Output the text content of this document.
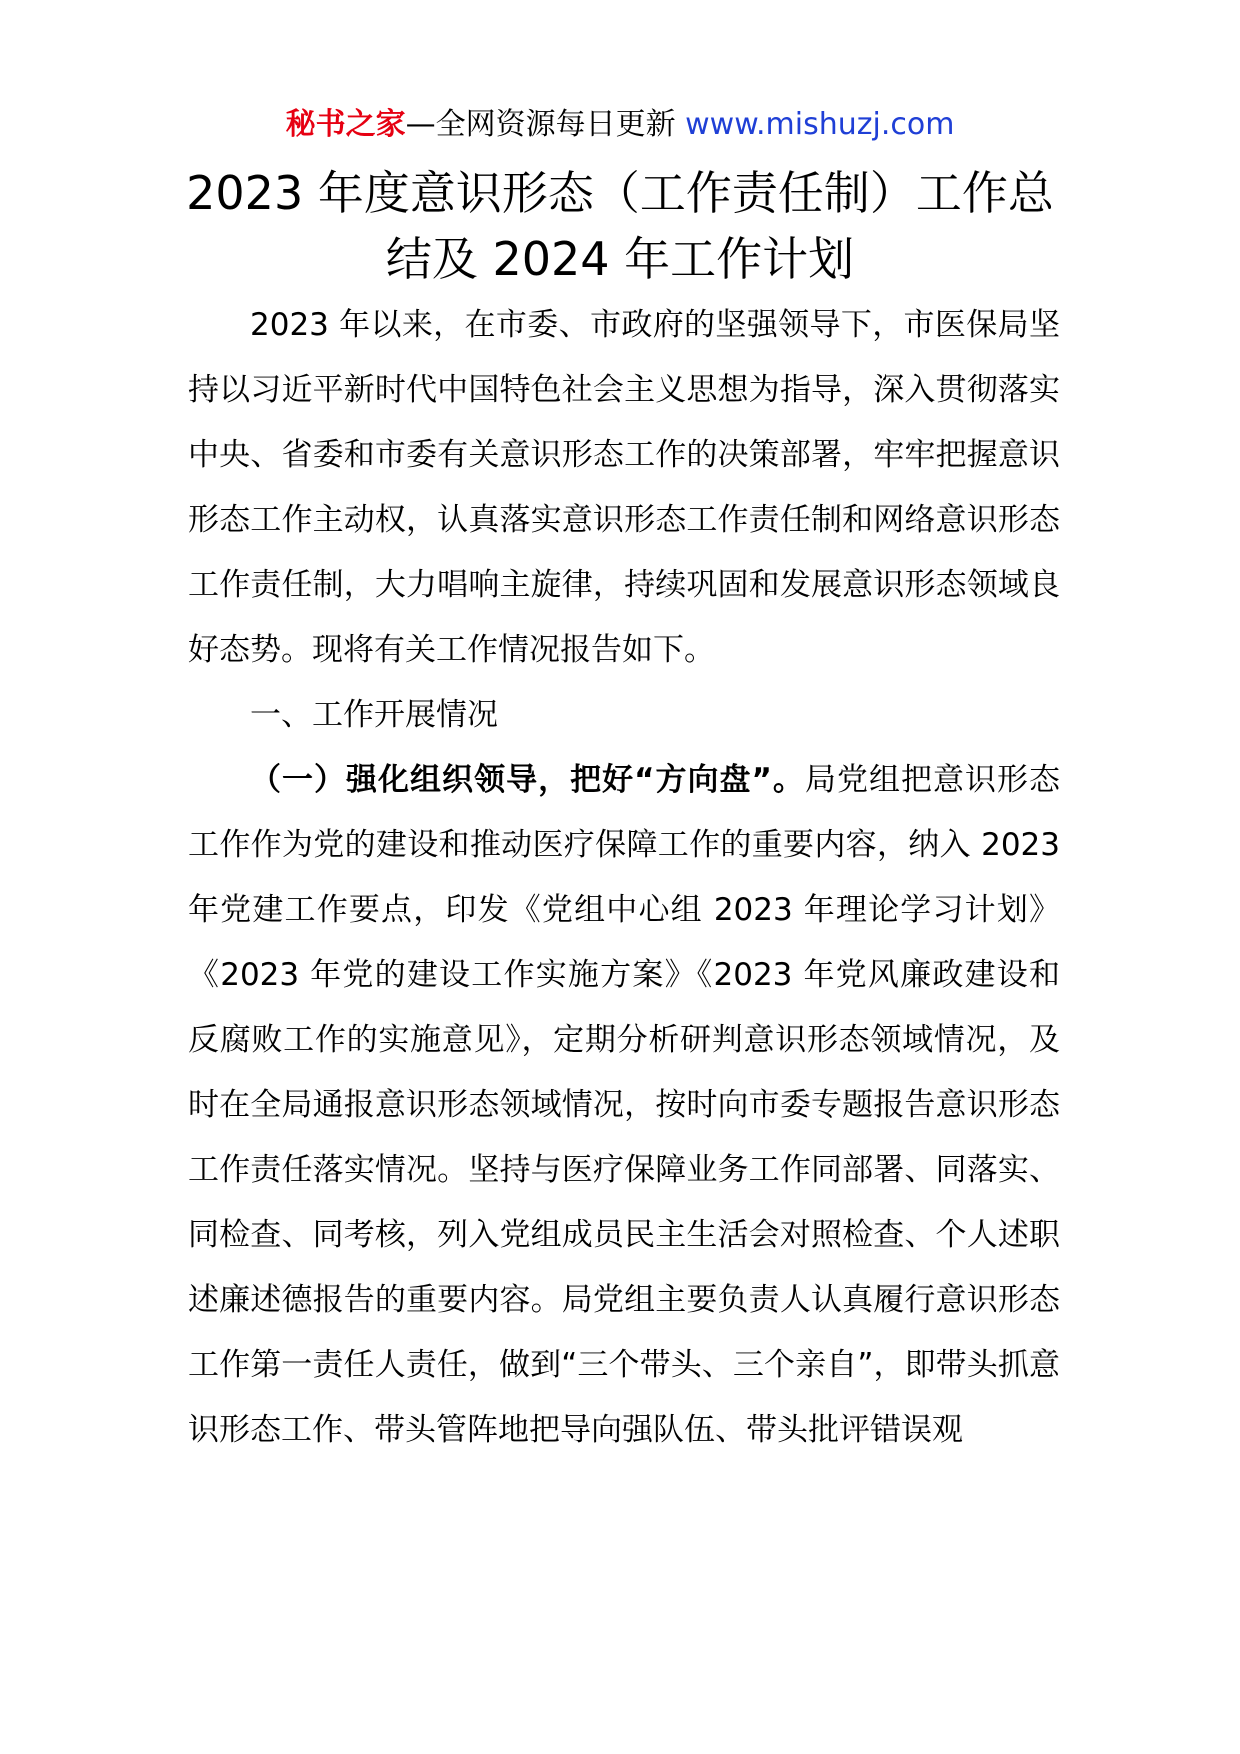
秘书之家—全网资源每日更新 www.mishuzj.com
2023 年度意识形态（工作责任制）工作总
结及 2024 年工作计划

2023 年以来，在市委、市政府的坚强领导下，市医保局坚持以习近平新时代中国特色社会主义思想为指导，深入贯彻落实中央、省委和市委有关意识形态工作的决策部署，牢牢把握意识形态工作主动权，认真落实意识形态工作责任制和网络意识形态工作责任制，大力唱响主旋律，持续巩固和发展意识形态领域良好态势。现将有关工作情况报告如下。

一、工作开展情况

（一）强化组织领导，把好“方向盘”。局党组把意识形态工作作为党的建设和推动医疗保障工作的重要内容，纳入 2023 年党建工作要点，印发《党组中心组 2023 年理论学习计划》《2023 年党的建设工作实施方案》《2023 年党风廉政建设和反腐败工作的实施意见》，定期分析研判意识形态领域情况，及时在全局通报意识形态领域情况，按时向市委专题报告意识形态工作责任落实情况。坚持与医疗保障业务工作同部署、同落实、同检查、同考核，列入党组成员民主生活会对照检查、个人述职述廉述德报告的重要内容。局党组主要负责人认真履行意识形态工作第一责任人责任，做到“三个带头、三个亲自”，即带头抓意识形态工作、带头管阵地把导向强队伍、带头批评错误观
